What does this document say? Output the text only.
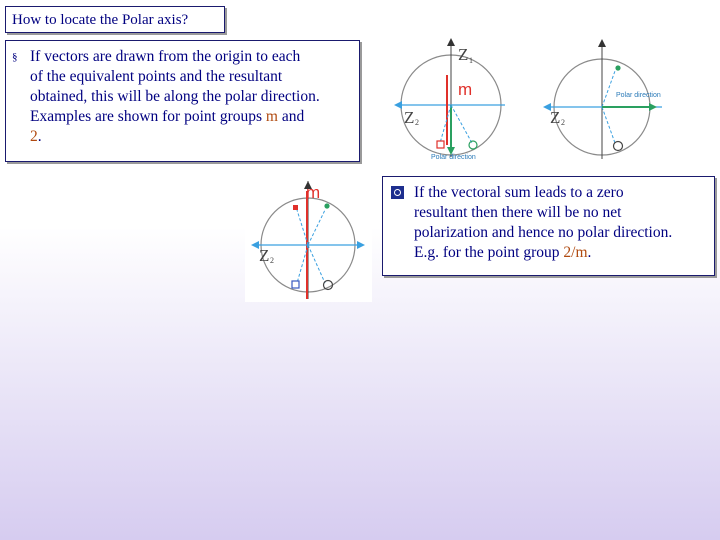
How to locate the Polar axis?
§ If vectors are drawn from the origin to each
of the equivalent points and the resultant
obtained, this will be along the polar direction.
Examples are shown for point groups m and
2.
If the vectoral sum leads to a zero
resultant then there will be no net
polarization and hence no polar direction.
E.g. for the point group 2/m.
Z 1
Z 2
m
Polar direction
Polar direction
Z 2
m
Z 2
